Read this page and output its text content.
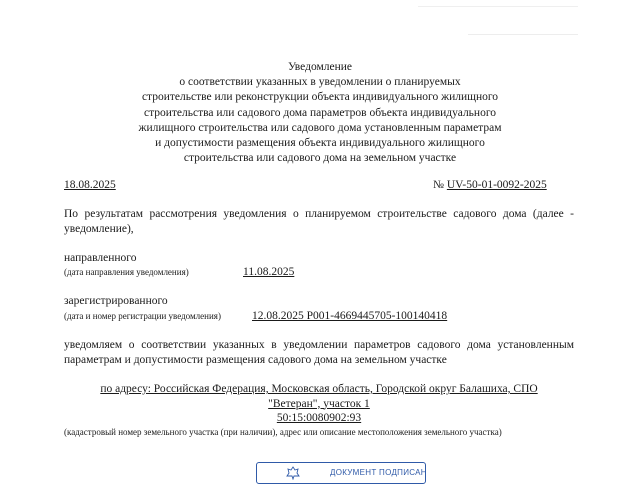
Уведомление
о соответствии указанных в уведомлении о планируемых
строительстве или реконструкции объекта индивидуального жилищного
строительства или садового дома параметров объекта индивидуального
жилищного строительства или садового дома установленным параметрам
и допустимости размещения объекта индивидуального жилищного
строительства или садового дома на земельном участке
18.08.2025	№ UV-50-01-0092-2025
По результатам рассмотрения уведомления о планируемом строительстве садового дома (далее - уведомление),
направленного
(дата направления уведомления)	11.08.2025
зарегистрированного
(дата и номер регистрации уведомления)	12.08.2025 P001-4669445705-100140418
уведомляем о соответствии указанных в уведомлении параметров садового дома установленным параметрам и допустимости размещения садового дома на земельном участке
по адресу: Российская Федерация, Московская область, Городской округ Балашиха, СПО
"Ветеран", участок 1
50:15:0080902:93
(кадастровый номер земельного участка (при наличии), адрес или описание местоположения земельного участка)
ДОКУМЕНТ ПОДПИСАН
